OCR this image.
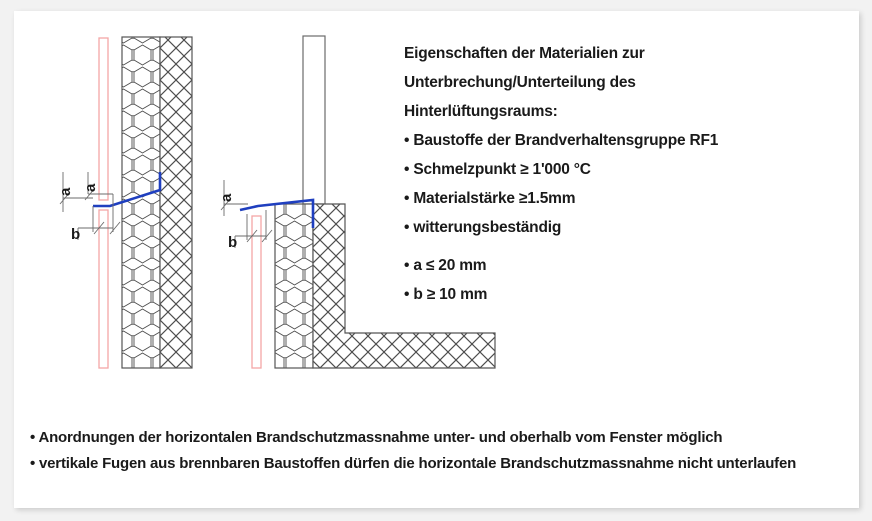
a a
b
a
b
Eigenschaften der Materialien zur
Unterbrechung/Unterteilung des
Hinterlüftungsraums:
• Baustoffe der Brandverhaltensgruppe RF1
• Schmelzpunkt ≥ 1'000 °C
• Materialstärke ≥1.5mm
• witterungsbeständig
• a ≤ 20 mm
• b ≥ 10 mm
• Anordnungen der horizontalen Brandschutzmassnahme unter- und oberhalb vom Fenster möglich
• vertikale Fugen aus brennbaren Baustoffen dürfen die horizontale Brandschutzmassnahme nicht unterlaufen
